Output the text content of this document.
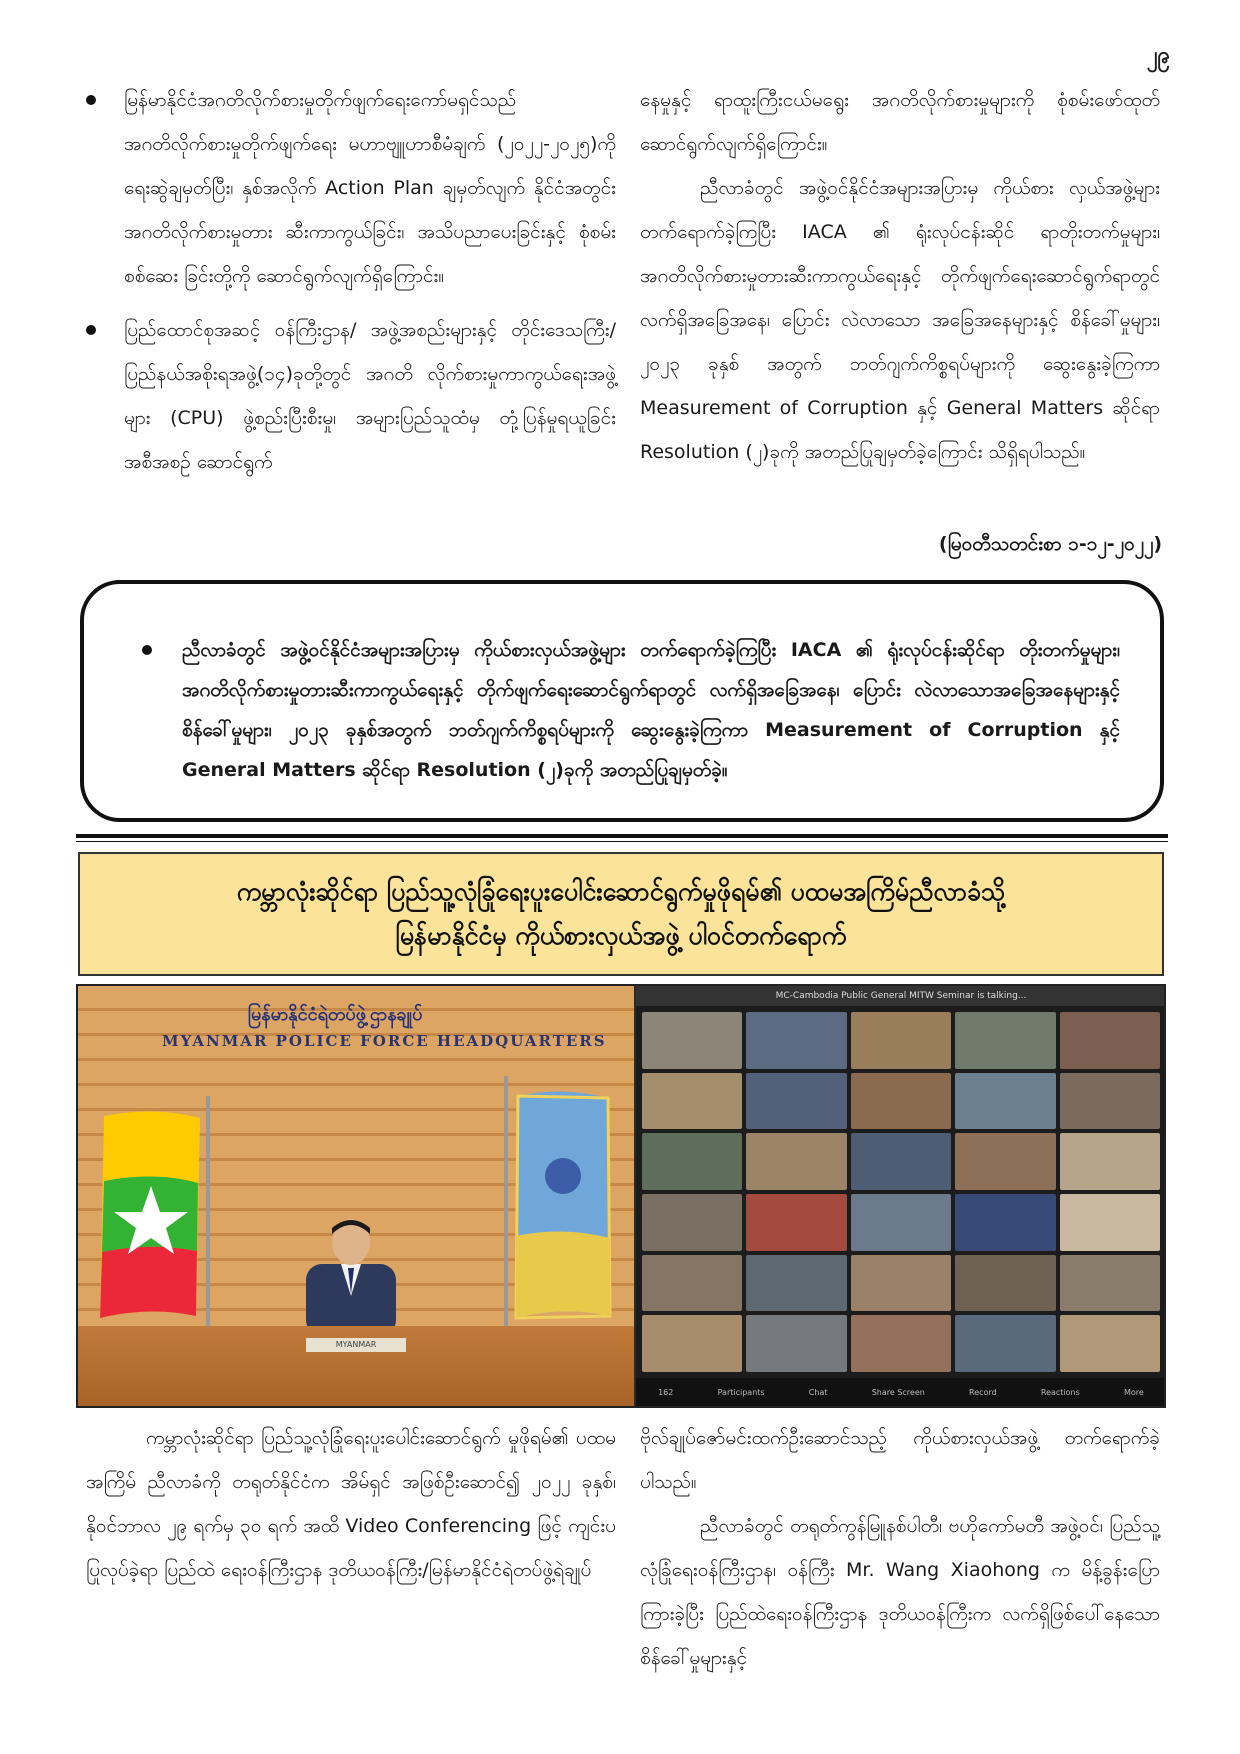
၂၉

မြန်မာနိုင်ငံအဂတိလိုက်စားမှုတိုက်ဖျက်ရေးကော်မရှင်သည် အဂတိလိုက်စားမှုတိုက်ဖျက်ရေး မဟာဗျူဟာစီမံချက် (၂၀၂၂-၂၀၂၅)ကို ရေးဆွဲချမှတ်ပြီး၊ နှစ်အလိုက် Action Plan ချမှတ်လျက် နိုင်ငံအတွင်း အဂတိလိုက်စားမှုတား ဆီးကာကွယ်ခြင်း၊ အသိပညာပေးခြင်းနှင့် စုံစမ်းစစ်ဆေး ခြင်းတို့ကို ဆောင်ရွက်လျက်ရှိကြောင်း။

ပြည်ထောင်စုအဆင့် ဝန်ကြီးဌာန/ အဖွဲ့အစည်းများနှင့် တိုင်းဒေသကြီး/ ပြည်နယ်အစိုးရအဖွဲ့(၁၄)ခုတို့တွင် အဂတိ လိုက်စားမှုကာကွယ်ရေးအဖွဲ့များ (CPU) ဖွဲ့စည်းပြီးစီးမှု၊ အများပြည်သူထံမှ တုံ့ပြန်မှုရယူခြင်းအစီအစဉ် ဆောင်ရွက်

နေမှုနှင့် ရာထူးကြီးငယ်မရွေး အဂတိလိုက်စားမှုများကို စုံစမ်းဖော်ထုတ်ဆောင်ရွက်လျက်ရှိကြောင်း။

ညီလာခံတွင် အဖွဲ့ဝင်နိုင်ငံအများအပြားမှ ကိုယ်စား လှယ်အဖွဲ့များ တက်ရောက်ခဲ့ကြပြီး IACA ၏ ရုံးလုပ်ငန်းဆိုင် ရာတိုးတက်မှုများ၊ အဂတိလိုက်စားမှုတားဆီးကာကွယ်ရေးနှင့် တိုက်ဖျက်ရေးဆောင်ရွက်ရာတွင် လက်ရှိအခြေအနေ၊ ပြောင်း လဲလာသော အခြေအနေများနှင့် စိန်ခေါ်မှုများ၊ ၂၀၂၃ ခုနှစ် အတွက် ဘတ်ဂျက်ကိစ္စရပ်များကို ဆွေးနွေးခဲ့ကြကာ Measurement of Corruption နှင့် General Matters ဆိုင်ရာ Resolution (၂)ခုကို အတည်ပြုချမှတ်ခဲ့ကြောင်း သိရှိရပါသည်။

(မြဝတီသတင်းစာ ၁-၁၂-၂၀၂၂)

ညီလာခံတွင် အဖွဲ့ဝင်နိုင်ငံအများအပြားမှ ကိုယ်စားလှယ်အဖွဲ့များ တက်ရောက်ခဲ့ကြပြီး IACA ၏ ရုံးလုပ်ငန်းဆိုင်ရာ တိုးတက်မှုများ၊ အဂတိလိုက်စားမှုတားဆီးကာကွယ်ရေးနှင့် တိုက်ဖျက်ရေးဆောင်ရွက်ရာတွင် လက်ရှိအခြေအနေ၊ ပြောင်း လဲလာသောအခြေအနေများနှင့် စိန်ခေါ်မှုများ၊ ၂၀၂၃ ခုနှစ်အတွက် ဘတ်ဂျက်ကိစ္စရပ်များကို ဆွေးနွေးခဲ့ကြကာ Measurement of Corruption နှင့် General Matters ဆိုင်ရာ Resolution (၂)ခုကို အတည်ပြုချမှတ်ခဲ့။

ကမ္ဘာလုံးဆိုင်ရာ ပြည်သူ့လုံခြုံရေးပူးပေါင်းဆောင်ရွက်မှုဖိုရမ်၏ ပထမအကြိမ်ညီလာခံသို့
မြန်မာနိုင်ငံမှ ကိုယ်စားလှယ်အဖွဲ့ ပါဝင်တက်ရောက်
မြန်မာနိုင်ငံရဲတပ်ဖွဲ့ဌာနချုပ်
MYANMAR POLICE FORCE HEADQUARTERS
MYANMAR
MC-Cambodia Public General MITW Seminar is talking...
162	Participants	Chat	Share Screen	Record	Reactions	More

ကမ္ဘာလုံးဆိုင်ရာ ပြည်သူ့လုံခြုံရေးပူးပေါင်းဆောင်ရွက် မှုဖိုရမ်၏ ပထမအကြိမ် ညီလာခံကို တရုတ်နိုင်ငံက အိမ်ရှင် အဖြစ်ဦးဆောင်၍ ၂၀၂၂ ခုနှစ်၊ နိုဝင်ဘာလ ၂၉ ရက်မှ ၃၀ ရက် အထိ Video Conferencing ဖြင့် ကျင်းပပြုလုပ်ခဲ့ရာ ပြည်ထဲ ရေးဝန်ကြီးဌာန ဒုတိယဝန်ကြီး/မြန်မာနိုင်ငံရဲတပ်ဖွဲ့ရဲချုပ်

ဗိုလ်ချုပ်ဇော်မင်းထက်ဦးဆောင်သည့် ကိုယ်စားလှယ်အဖွဲ့ တက်ရောက်ခဲ့ပါသည်။

ညီလာခံတွင် တရုတ်ကွန်မြူနစ်ပါတီ၊ ဗဟိုကော်မတီ အဖွဲ့ဝင်၊ ပြည်သူ့လုံခြုံရေးဝန်ကြီးဌာန၊ ဝန်ကြီး Mr. Wang Xiaohong က မိန့်ခွန်းပြောကြားခဲ့ပြီး ပြည်ထဲရေးဝန်ကြီးဌာန ဒုတိယဝန်ကြီးက လက်ရှိဖြစ်ပေါ်နေသော စိန်ခေါ်မှုများနှင့်
